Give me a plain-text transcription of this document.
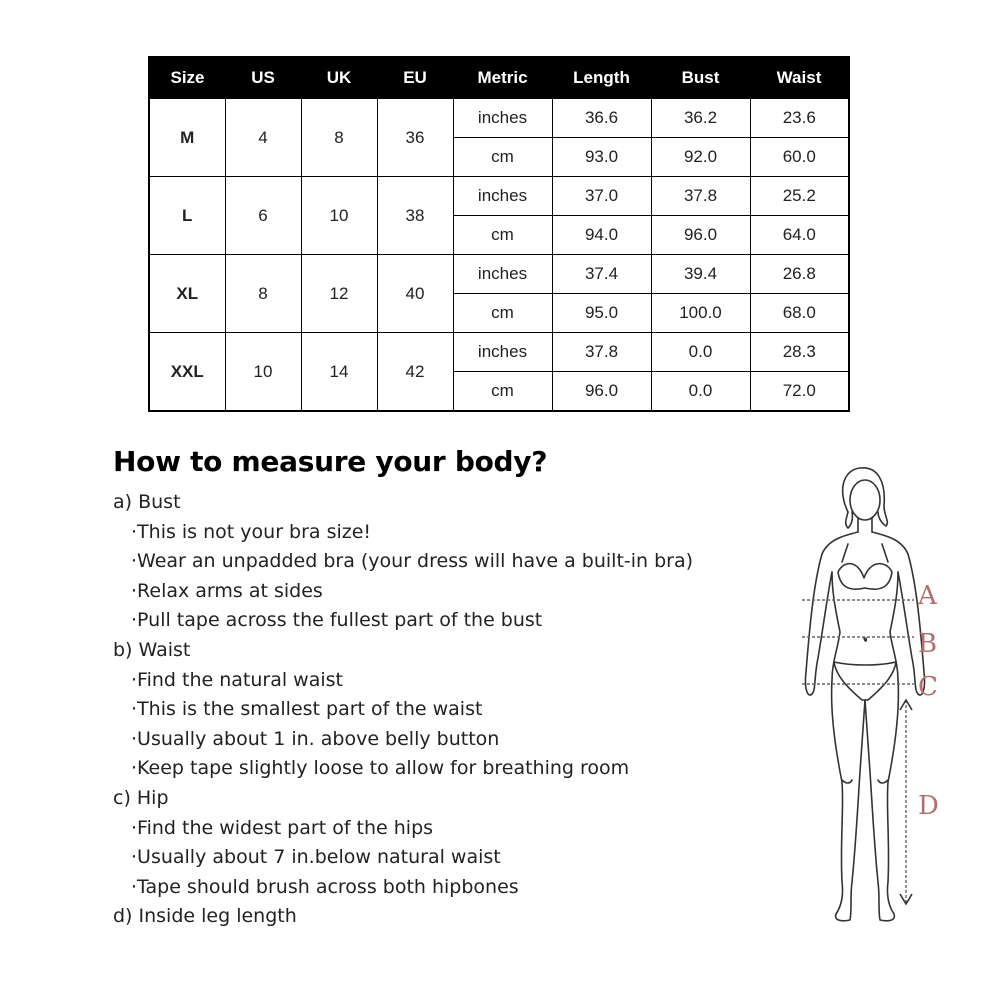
Size	US	UK	EU	Metric	Length	Bust	Waist
M	4	8	36	inches	36.6	36.2	23.6
				cm	93.0	92.0	60.0
L	6	10	38	inches	37.0	37.8	25.2
				cm	94.0	96.0	64.0
XL	8	12	40	inches	37.4	39.4	26.8
				cm	95.0	100.0	68.0
XXL	10	14	42	inches	37.8	0.0	28.3
				cm	96.0	0.0	72.0
How to measure your body?
a) Bust
·This is not your bra size!
·Wear an unpadded bra (your dress will have a built-in bra)
·Relax arms at sides
·Pull tape across the fullest part of the bust
b) Waist
·Find the natural waist
·This is the smallest part of the waist
·Usually about 1 in. above belly button
·Keep tape slightly loose to allow for breathing room
c) Hip
·Find the widest part of the hips
·Usually about 7 in.below natural waist
·Tape should brush across both hipbones
d) Inside leg length
A
B
C
D
